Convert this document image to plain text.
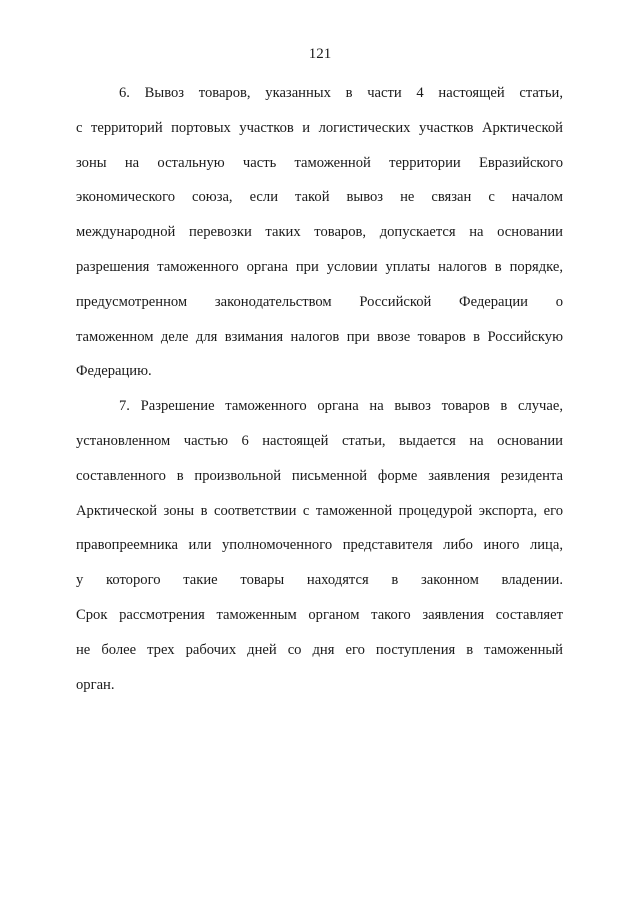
121
6. Вывоз товаров, указанных в части 4 настоящей статьи,
с территорий портовых участков и логистических участков Арктической
зоны на остальную часть таможенной территории Евразийского
экономического союза, если такой вывоз не связан с началом
международной перевозки таких товаров, допускается на основании
разрешения таможенного органа при условии уплаты налогов в порядке,
предусмотренном законодательством Российской Федерации о
таможенном деле для взимания налогов при ввозе товаров в Российскую
Федерацию.
7. Разрешение таможенного органа на вывоз товаров в случае,
установленном частью 6 настоящей статьи, выдается на основании
составленного в произвольной письменной форме заявления резидента
Арктической зоны в соответствии с таможенной процедурой экспорта, его
правопреемника или уполномоченного представителя либо иного лица,
у которого такие товары находятся в законном владении.
Срок рассмотрения таможенным органом такого заявления составляет
не более трех рабочих дней со дня его поступления в таможенный
орган.
